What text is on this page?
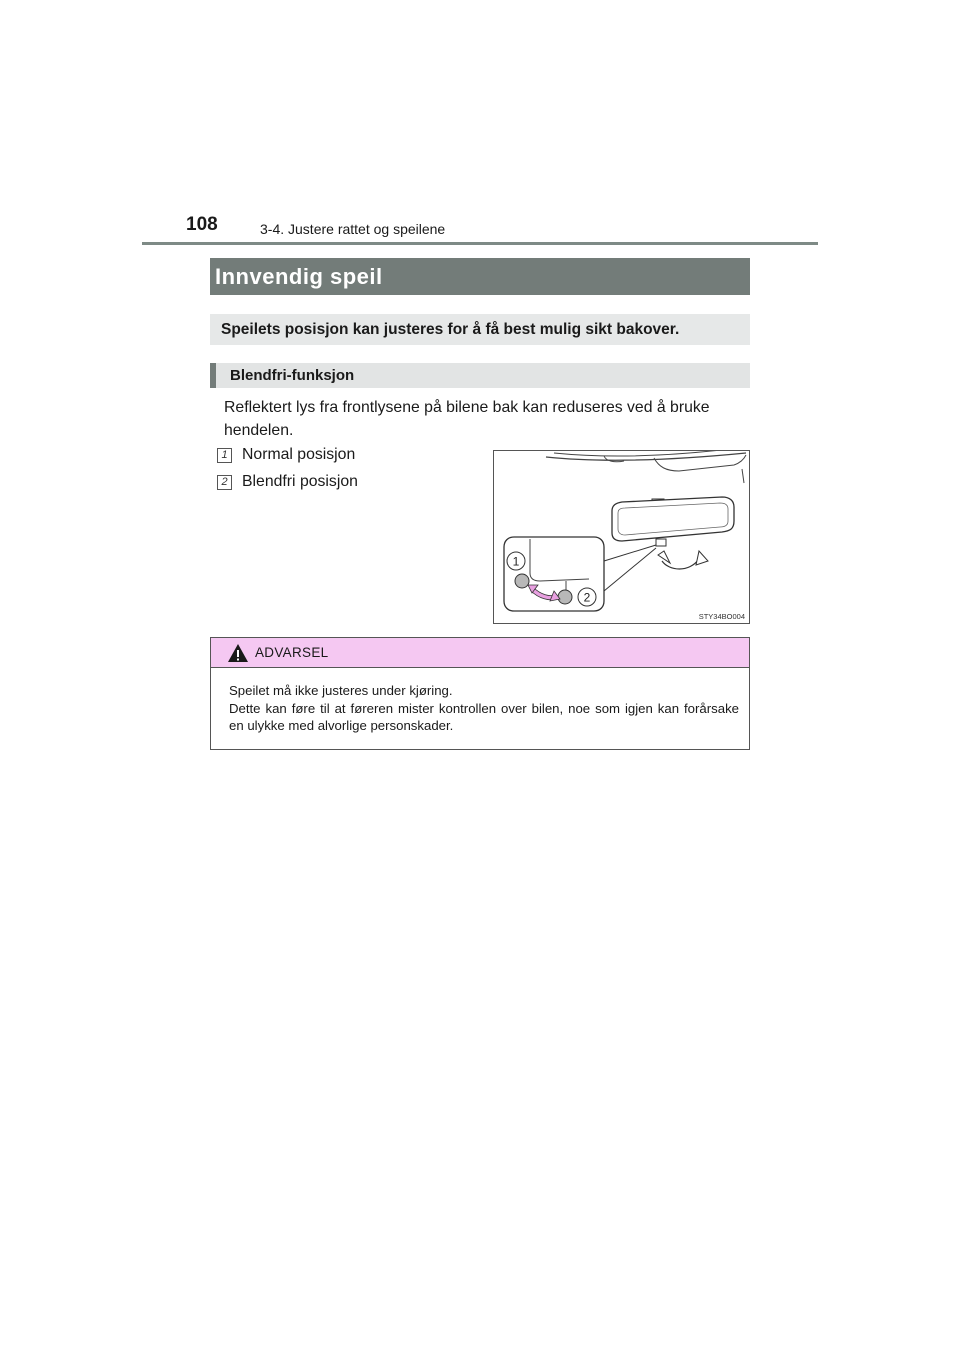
108	3-4. Justere rattet og speilene
Innvendig speil
Speilets posisjon kan justeres for å få best mulig sikt bakover.
Blendfri-funksjon
Reflektert lys fra frontlysene på bilene bak kan reduseres ved å bruke hendelen.
1 Normal posisjon
2 Blendfri posisjon
1
2
STY34BO004
ADVARSEL
Speilet må ikke justeres under kjøring.
Dette kan føre til at føreren mister kontrollen over bilen, noe som igjen kan forårsake en ulykke med alvorlige personskader.
